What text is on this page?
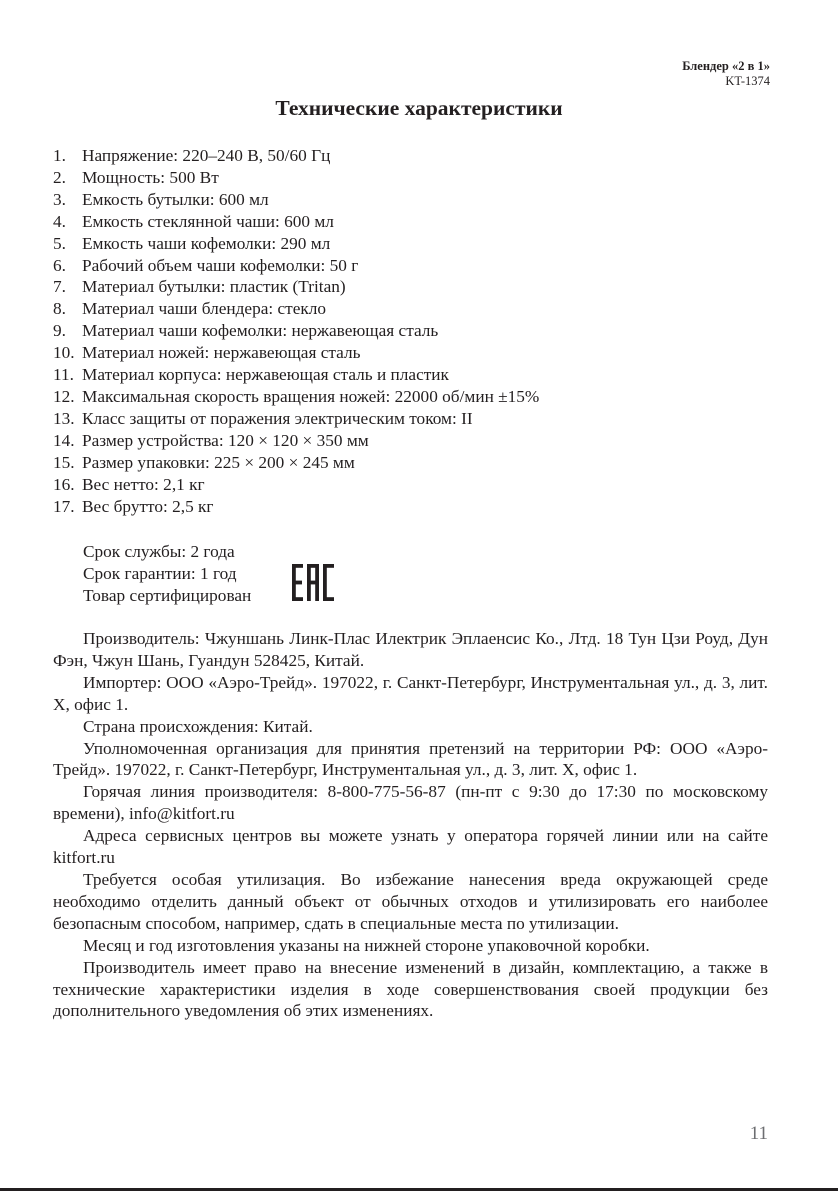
Блендер «2 в 1»
KT-1374
Технические характеристики
1. Напряжение: 220–240 В, 50/60 Гц
2. Мощность: 500 Вт
3. Емкость бутылки: 600 мл
4. Емкость стеклянной чаши: 600 мл
5. Емкость чаши кофемолки: 290 мл
6. Рабочий объем чаши кофемолки: 50 г
7. Материал бутылки: пластик (Tritan)
8. Материал чаши блендера: стекло
9. Материал чаши кофемолки: нержавеющая сталь
10. Материал ножей: нержавеющая сталь
11. Материал корпуса: нержавеющая сталь и пластик
12. Максимальная скорость вращения ножей: 22000 об/мин ±15%
13. Класс защиты от поражения электрическим током: II
14. Размер устройства: 120 × 120 × 350 мм
15. Размер упаковки: 225 × 200 × 245 мм
16. Вес нетто: 2,1 кг
17. Вес брутто: 2,5 кг
Срок службы: 2 года
Срок гарантии: 1 год
Товар сертифицирован

Производитель: Чжуншань Линк-Плас Илектрик Эплаенсис Ко., Лтд. 18 Тун Цзи Роуд, Дун Фэн, Чжун Шань, Гуандун 528425, Китай.

Импортер: ООО «Аэро-Трейд». 197022, г. Санкт-Петербург, Инструментальная ул., д. 3, лит. Х, офис 1.

Страна происхождения: Китай.

Уполномоченная организация для принятия претензий на территории РФ: ООО «Аэро-Трейд». 197022, г. Санкт-Петербург, Инструментальная ул., д. 3, лит. Х, офис 1.

Горячая линия производителя: 8-800-775-56-87 (пн-пт с 9:30 до 17:30 по московскому времени), info@kitfort.ru

Адреса сервисных центров вы можете узнать у оператора горячей линии или на сайте kitfort.ru

Требуется особая утилизация. Во избежание нанесения вреда окружающей среде необходимо отделить данный объект от обычных отходов и утилизировать его наиболее безопасным способом, например, сдать в специальные места по утилизации.

Месяц и год изготовления указаны на нижней стороне упаковочной коробки.

Производитель имеет право на внесение изменений в дизайн, комплектацию, а также в технические характеристики изделия в ходе совершенствования своей продукции без дополнительного уведомления об этих изменениях.

11
